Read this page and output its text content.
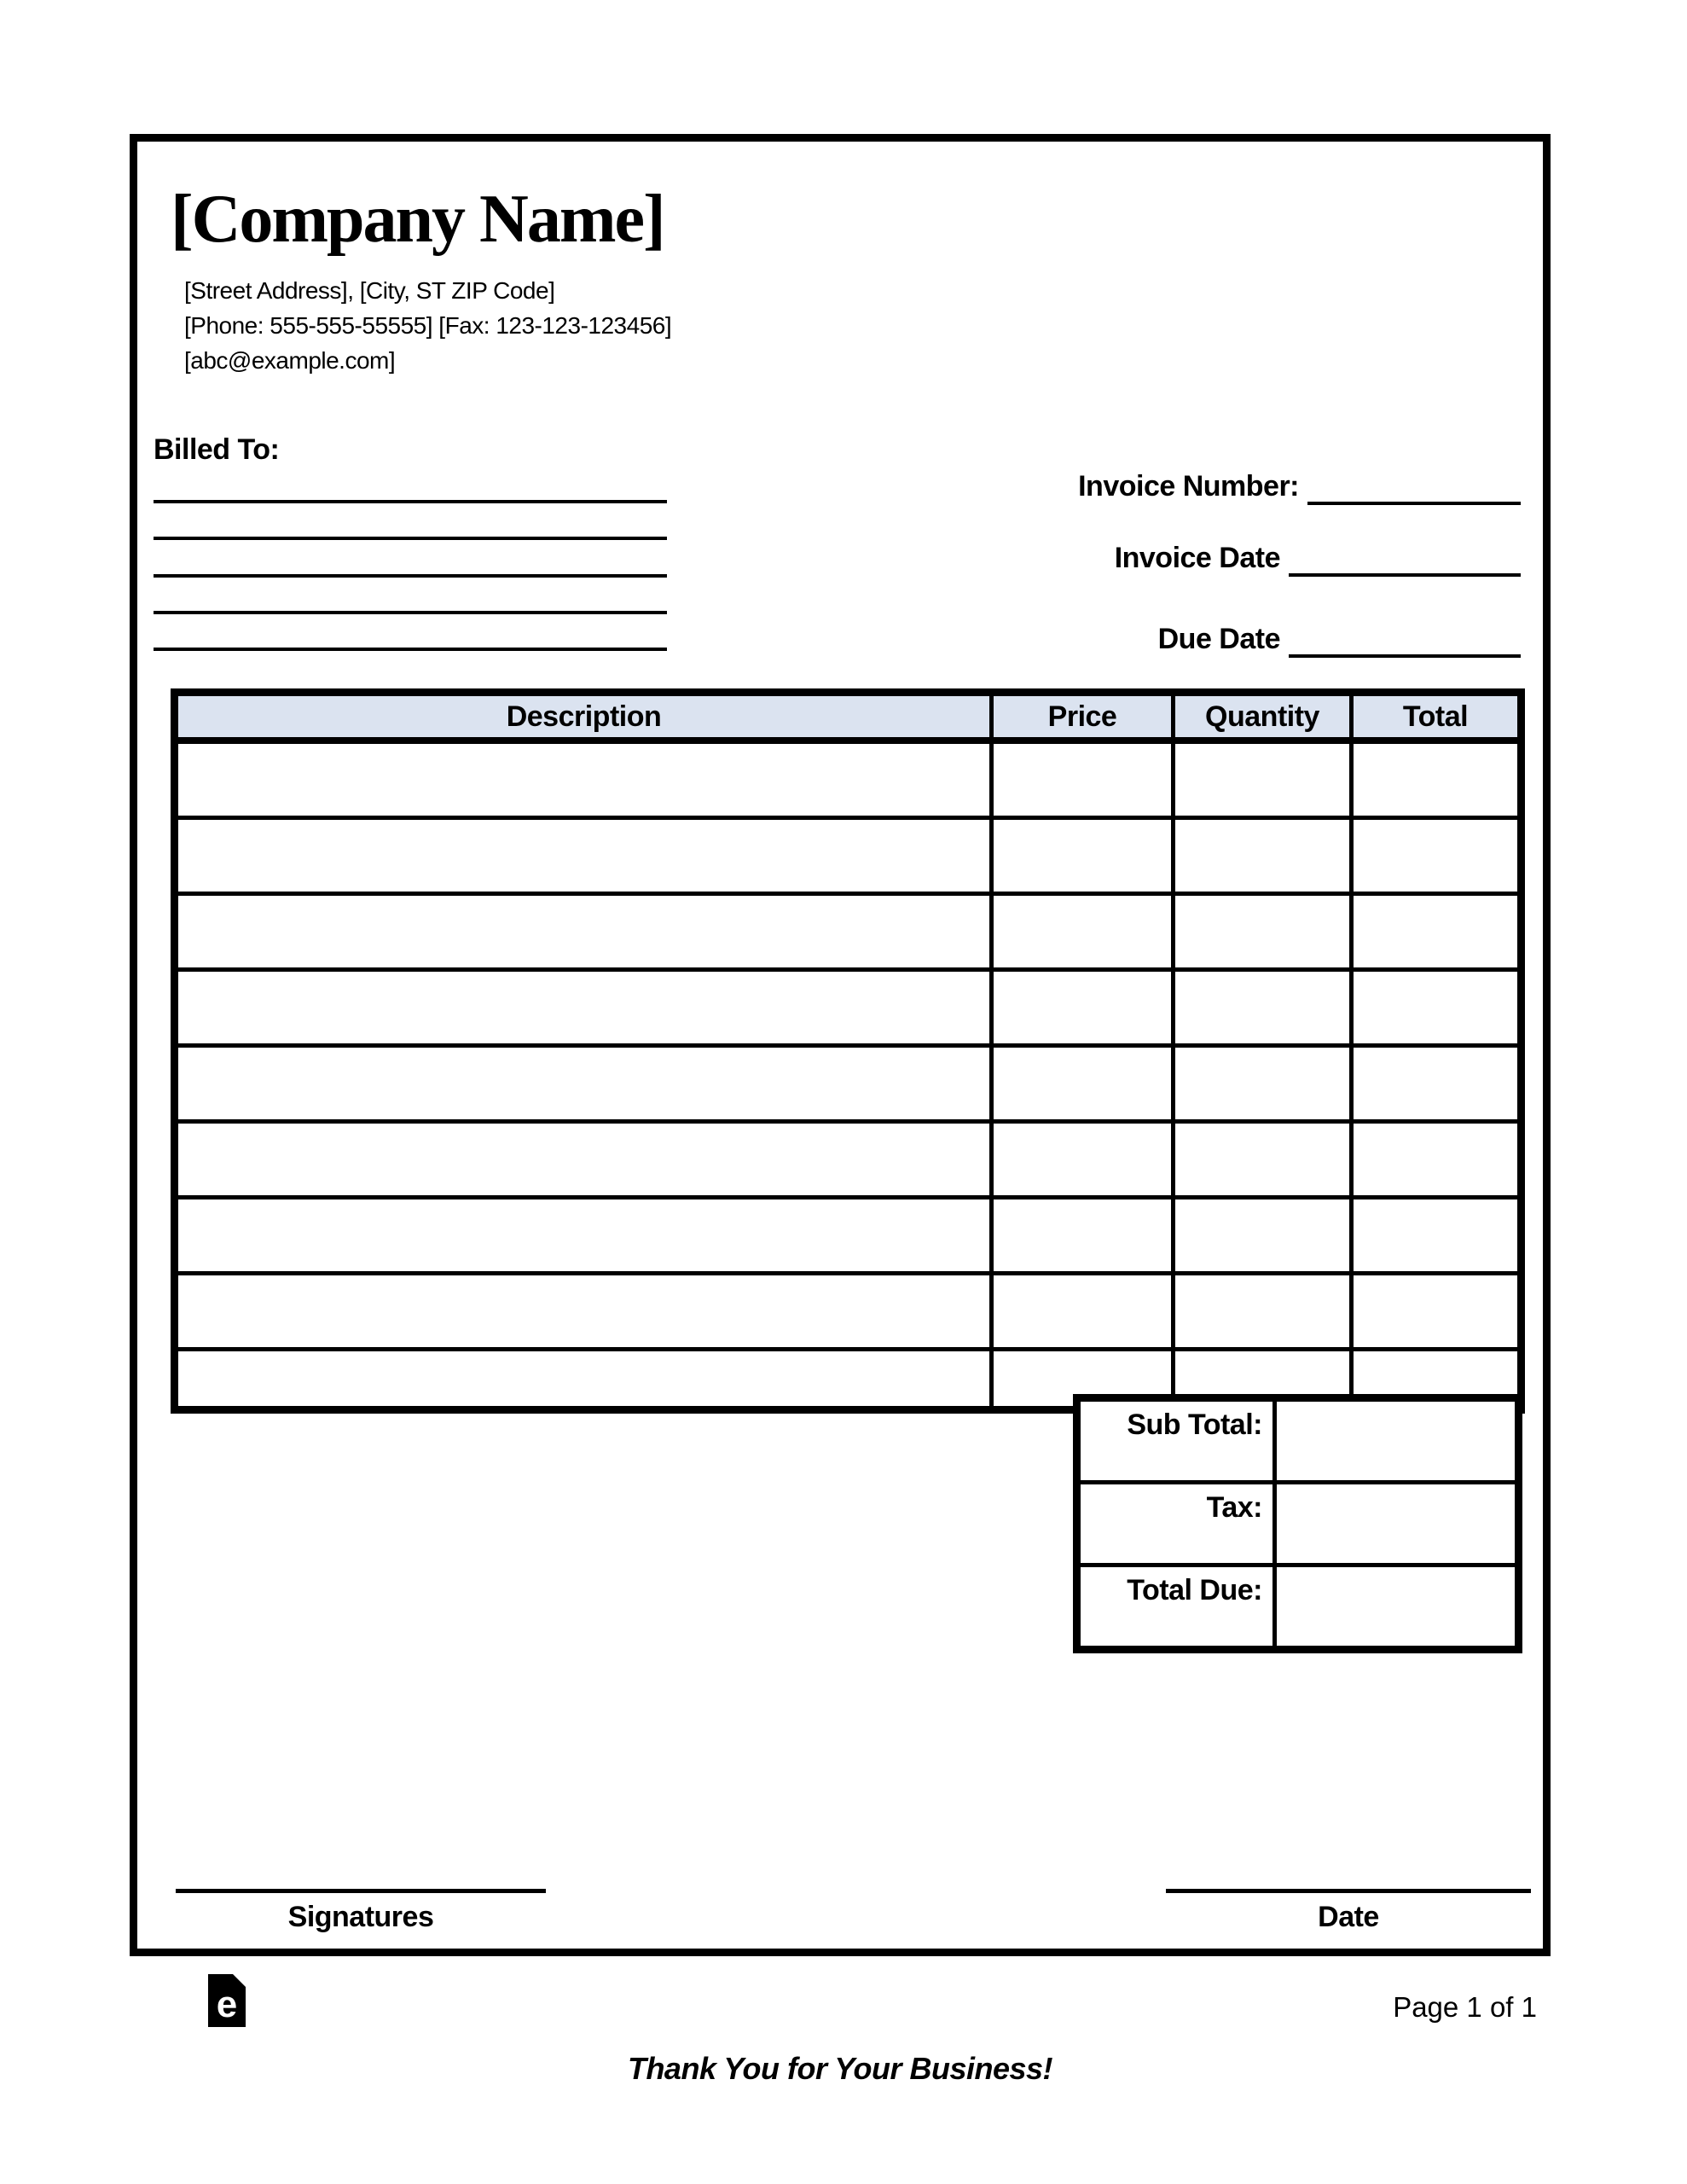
[Company Name]
[Street Address], [City, ST ZIP Code]
[Phone: 555-555-55555] [Fax: 123-123-123456]
[abc@example.com]
Billed To:
Invoice Number:
Invoice Date
Due Date
Description	Price	Quantity	Total

Sub Total:	
Tax:	
Total Due:	
Signatures	Date
e	Page 1 of 1
Thank You for Your Business!
